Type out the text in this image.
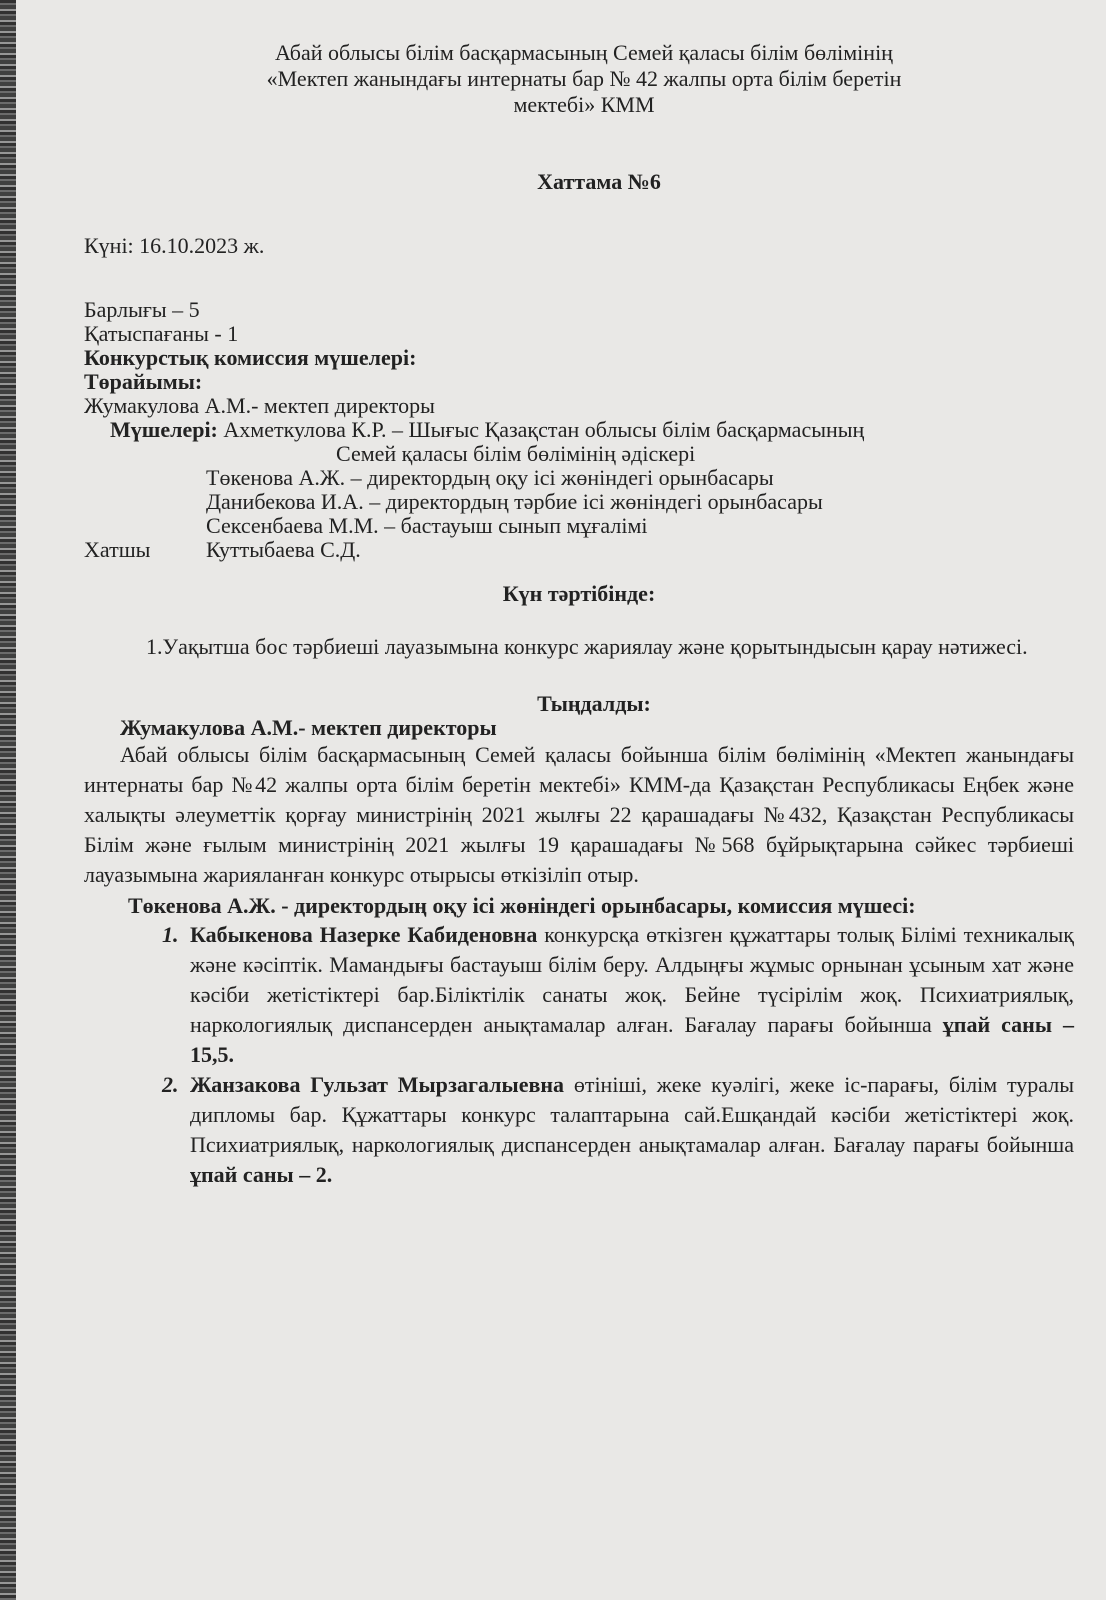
Абай облысы білім басқармасының Семей қаласы білім бөлімінің
«Мектеп жанындағы интернаты бар № 42 жалпы орта білім беретін
мектебі» КММ
Хаттама №6
Күні: 16.10.2023 ж.
Барлығы – 5
Қатыспағаны - 1
Конкурстық комиссия мүшелері:
Төрайымы:
Жумакулова А.М.- мектеп директоры
Мүшелері: Ахметкулова К.Р. – Шығыс Қазақстан облысы білім басқармасының
Семей қаласы білім бөлімінің әдіскері
Төкенова А.Ж. – директордың оқу ісі жөніндегі орынбасары
Данибекова И.А. – директордың тәрбие ісі жөніндегі орынбасары
Сексенбаева М.М. – бастауыш сынып мұғалімі
Хатшы	Куттыбаева С.Д.
Күн тәртібінде:
1.Уақытша бос тәрбиеші лауазымына конкурс жариялау және қорытындысын қарау нәтижесі.
Тыңдалды:
Жумакулова А.М.- мектеп директоры
Абай облысы білім басқармасының Семей қаласы бойынша білім бөлімінің «Мектеп жанындағы интернаты бар №42 жалпы орта білім беретін мектебі» КММ-да Қазақстан Республикасы Еңбек және халықты әлеуметтік қорғау министрінің 2021 жылғы 22 қарашадағы №432, Қазақстан Республикасы Білім және ғылым министрінің 2021 жылғы 19 қарашадағы №568 бұйрықтарына сәйкес тәрбиеші лауазымына жарияланған конкурс отырысы өткізіліп отыр.
Төкенова А.Ж. - директордың оқу ісі жөніндегі орынбасары, комиссия мүшесі:
1. Кабыкенова Назерке Кабиденовна конкурсқа өткізген құжаттары толық Білімі техникалық және кәсіптік. Мамандығы бастауыш білім беру. Алдыңғы жұмыс орнынан ұсыным хат және кәсіби жетістіктері бар.Біліктілік санаты жоқ. Бейне түсірілім жоқ. Психиатриялық, наркологиялық диспансерден анықтамалар алған. Бағалау парағы бойынша ұпай саны – 15,5.
2. Жанзакова Гульзат Мырзагалыевна өтініші, жеке куәлігі, жеке іс-парағы, білім туралы дипломы бар. Құжаттары конкурс талаптарына сай.Ешқандай кәсіби жетістіктері жоқ. Психиатриялық, наркологиялық диспансерден анықтамалар алған. Бағалау парағы бойынша ұпай саны – 2.
